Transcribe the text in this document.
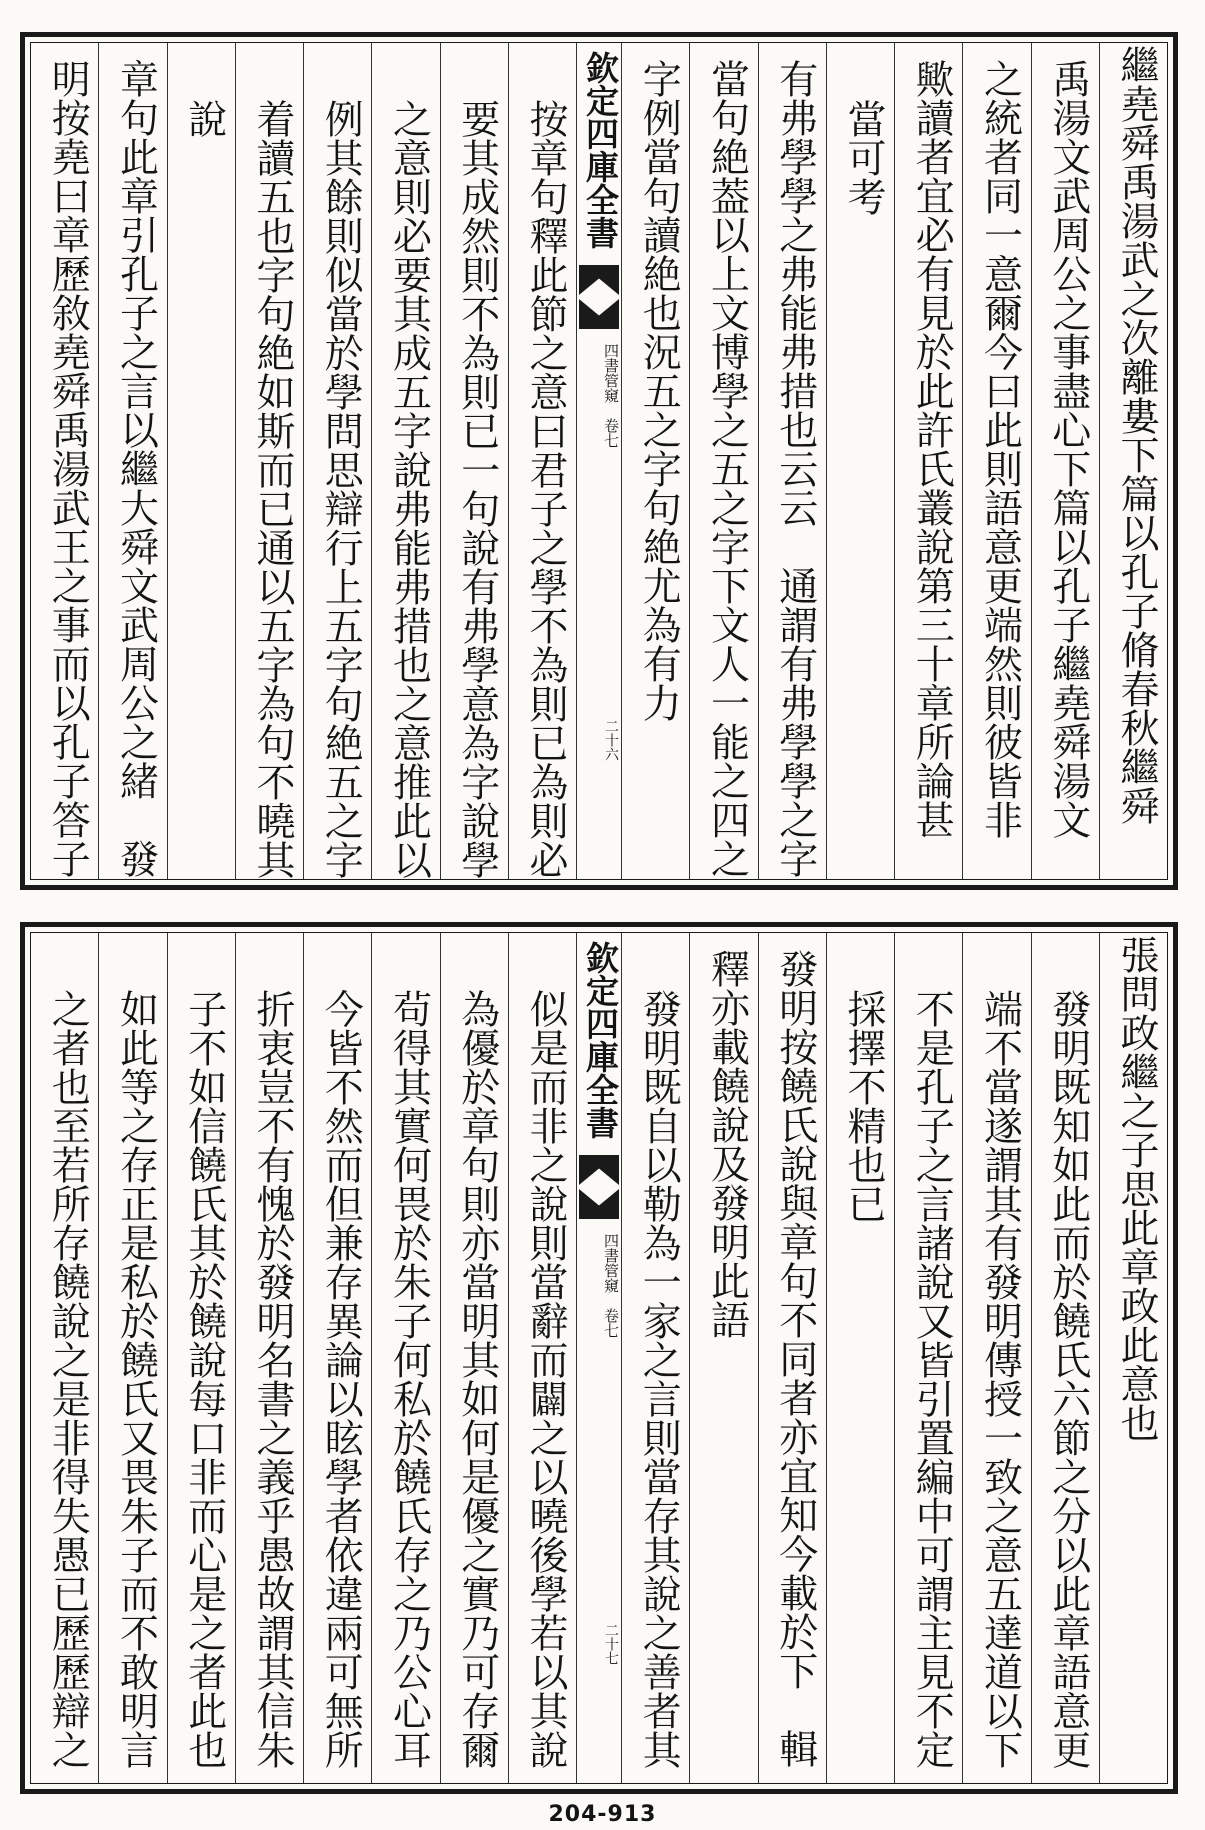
繼堯舜禹湯武之次離婁下篇以孔子脩春秋繼舜
禹湯文武周公之事盡心下篇以孔子繼堯舜湯文
之統者同一意爾今曰此則語意更端然則彼皆非
歟讀者宜必有見於此許氏叢說第三十章所論甚
當可考
有弗學學之弗能弗措也云云　通謂有弗學學之字
當句絶葢以上文博學之五之字下文人一能之四之
字例當句讀絶也況五之字句絶尤為有力
欽定四庫全書
四書管窺　卷七
二十六
按章句釋此節之意曰君子之學不為則已為則必
要其成然則不為則已一句說有弗學意為字說學
之意則必要其成五字說弗能弗措也之意推此以
例其餘則似當於學問思辯行上五字句絶五之字
着讀五也字句絶如斯而已通以五字為句不曉其
說
章句此章引孔子之言以繼大舜文武周公之緒　發
明按堯曰章歷敘堯舜禹湯武王之事而以孔子答子
張問政繼之子思此章政此意也
發明既知如此而於饒氏六節之分以此章語意更
端不當遂謂其有發明傳授一致之意五達道以下
不是孔子之言諸說又皆引置編中可謂主見不定
採擇不精也已
發明按饒氏說與章句不同者亦宜知今載於下　輯
釋亦載饒說及發明此語
發明既自以勒為一家之言則當存其說之善者其
欽定四庫全書
四書管窺　卷七
二十七
似是而非之說則當辭而闢之以曉後學若以其說
為優於章句則亦當明其如何是優之實乃可存爾
茍得其實何畏於朱子何私於饒氏存之乃公心耳
今皆不然而但兼存異論以眩學者依違兩可無所
折衷豈不有愧於發明名書之義乎愚故謂其信朱
子不如信饒氏其於饒說每口非而心是之者此也
如此等之存正是私於饒氏又畏朱子而不敢明言
之者也至若所存饒說之是非得失愚已歷歷辯之
204-913
